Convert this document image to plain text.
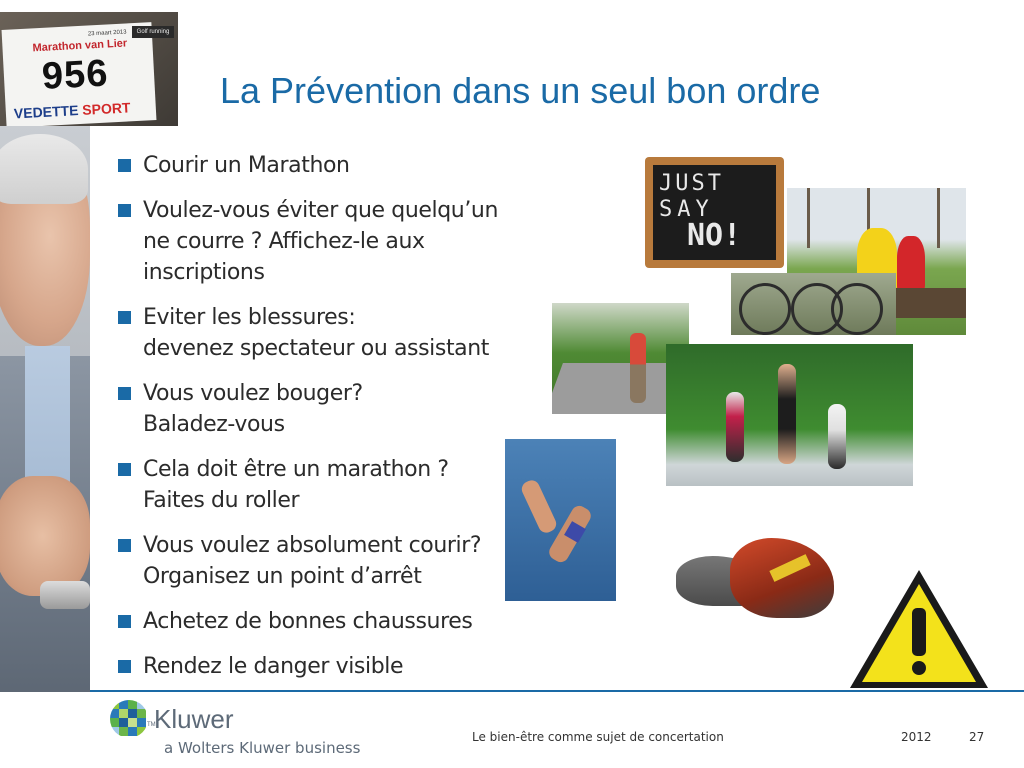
23 maart 2013
Marathon van Lier
956
VEDETTE SPORT
Golf running
La Prévention dans un seul bon ordre
Courir un Marathon
Voulez-vous éviter que quelqu’un
ne courre ? Affichez-le aux inscriptions
Eviter les blessures:
devenez spectateur ou assistant
Vous voulez bouger?
Baladez-vous
Cela doit être un marathon ?
Faites du roller
Vous voulez absolument courir?
Organisez un point d’arrêt
Achetez de bonnes chaussures
Rendez le danger visible
JUST
SAY
NO!
TM
Kluwer
a Wolters Kluwer business
Le bien-être comme sujet de concertation	2012	27
